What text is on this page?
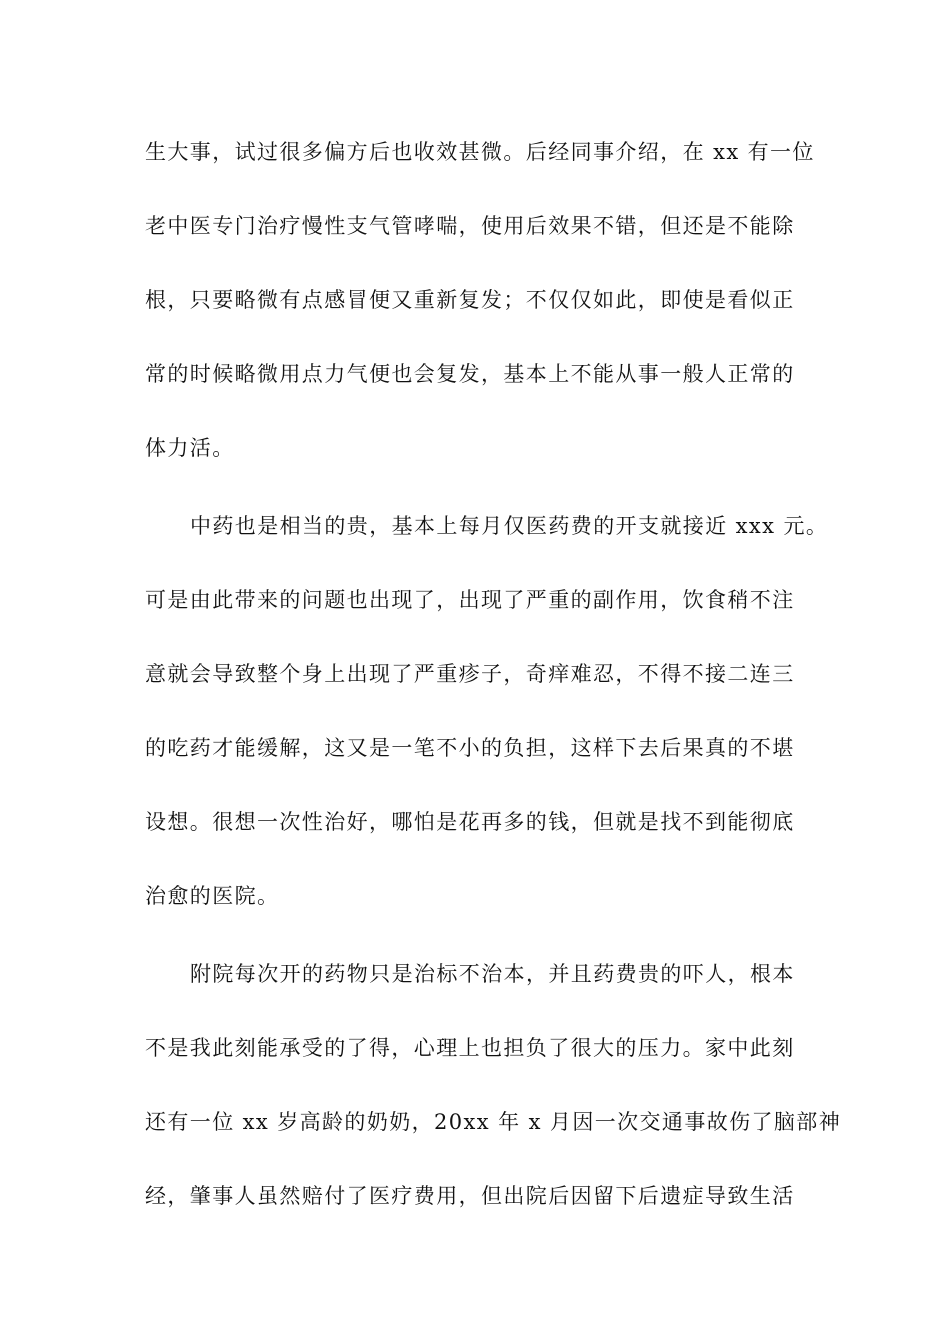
生大事，试过很多偏方后也收效甚微。后经同事介绍，在 xx 有一位
老中医专门治疗慢性支气管哮喘，使用后效果不错，但还是不能除
根，只要略微有点感冒便又重新复发；不仅仅如此，即使是看似正
常的时候略微用点力气便也会复发，基本上不能从事一般人正常的
体力活。
中药也是相当的贵，基本上每月仅医药费的开支就接近 xxx 元。
可是由此带来的问题也出现了，出现了严重的副作用，饮食稍不注
意就会导致整个身上出现了严重疹子，奇痒难忍，不得不接二连三
的吃药才能缓解，这又是一笔不小的负担，这样下去后果真的不堪
设想。很想一次性治好，哪怕是花再多的钱，但就是找不到能彻底
治愈的医院。
附院每次开的药物只是治标不治本，并且药费贵的吓人，根本
不是我此刻能承受的了得，心理上也担负了很大的压力。家中此刻
还有一位 xx 岁高龄的奶奶，20xx 年 x 月因一次交通事故伤了脑部神
经，肇事人虽然赔付了医疗费用，但出院后因留下后遗症导致生活
